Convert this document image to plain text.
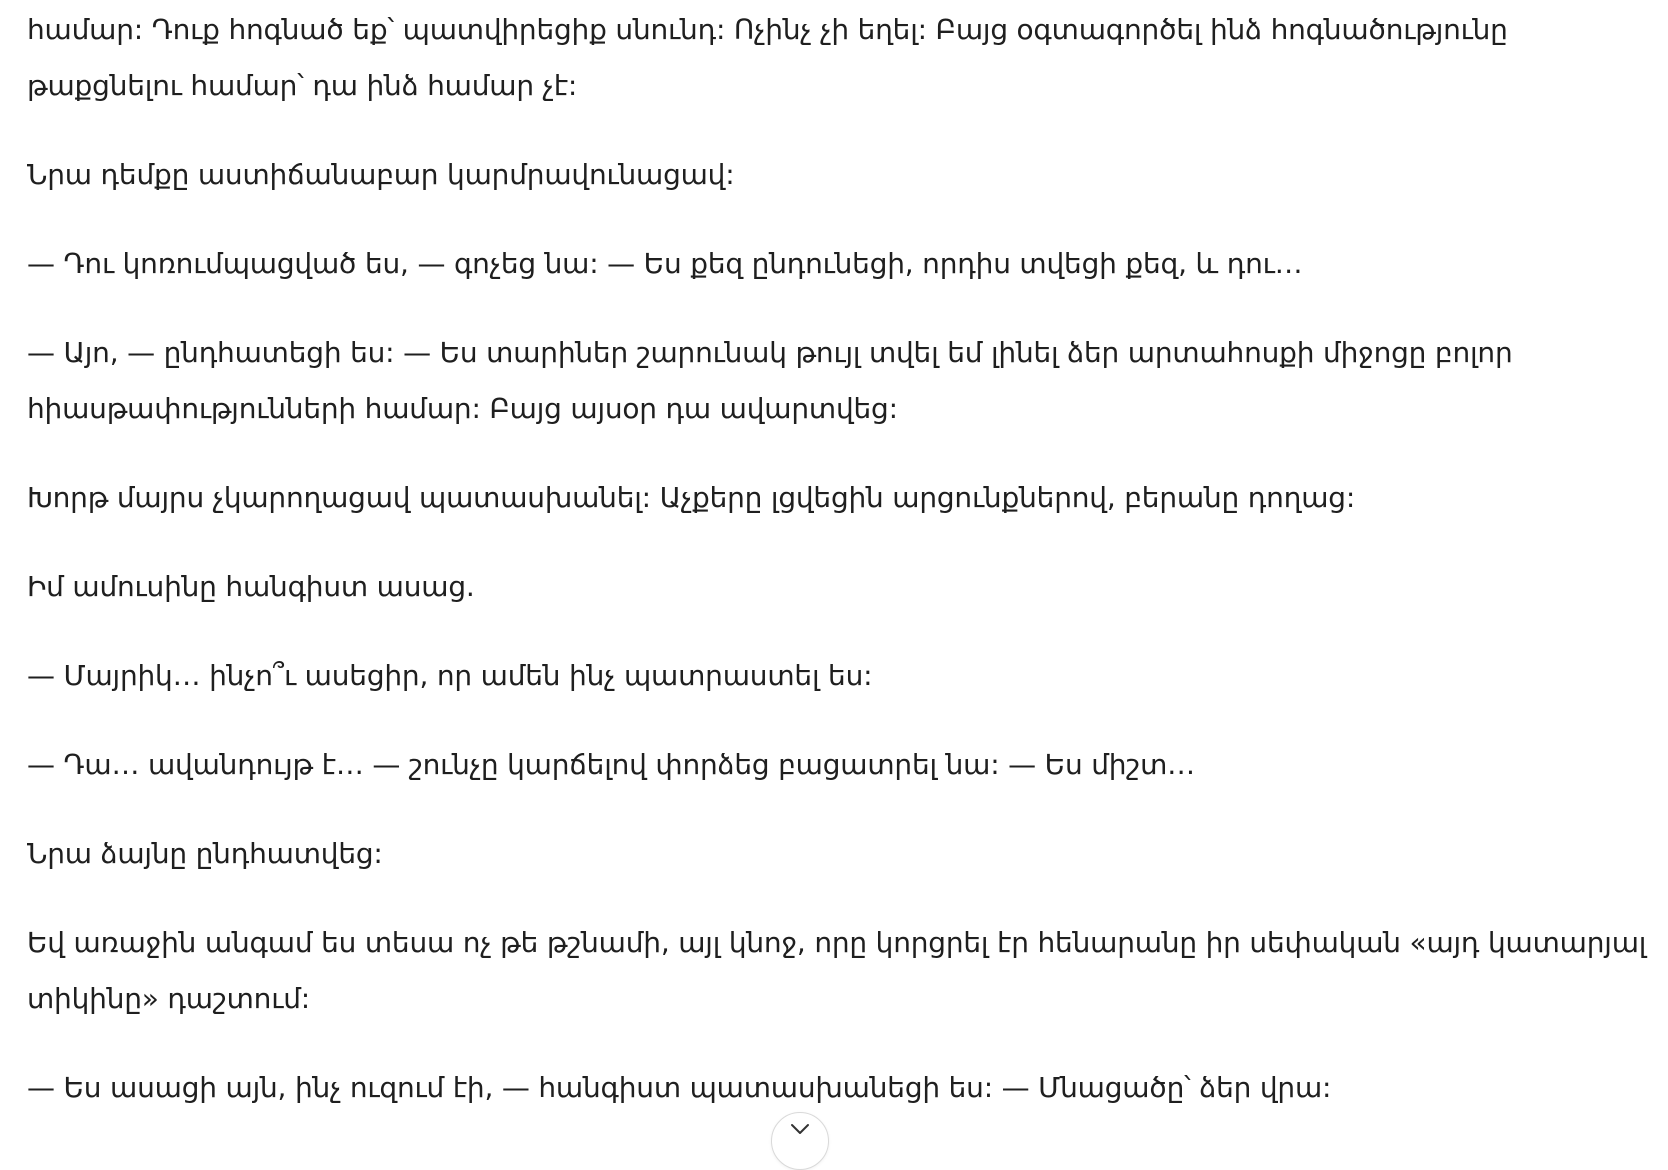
համար: Դուք հոգնած եք՝ պատվիրեցիք սնունդ: Ոչինչ չի եղել: Բայց օգտագործել ինձ հոգնածությունը թաքցնելու համար՝ դա ինձ համար չէ:

Նրա դեմքը աստիճանաբար կարմրավունացավ:

— Դու կոռումպացված ես, — գոչեց նա: — Ես քեզ ընդունեցի, որդիս տվեցի քեզ, և դու…

— Այո, — ընդհատեցի ես: — Ես տարիներ շարունակ թույլ տվել եմ լինել ձեր արտահոսքի միջոցը բոլոր հիասթափությունների համար: Բայց այսօր դա ավարտվեց:

Խորթ մայրս չկարողացավ պատասխանել: Աչքերը լցվեցին արցունքներով, բերանը դողաց:

Իմ ամուսինը հանգիստ ասաց.

— Մայրիկ… ինչո՞ւ ասեցիր, որ ամեն ինչ պատրաստել ես:

— Դա… ավանդույթ է… — շունչը կարճելով փորձեց բացատրել նա: — Ես միշտ…

Նրա ձայնը ընդհատվեց:

Եվ առաջին անգամ ես տեսա ոչ թե թշնամի, այլ կնոջ, որը կորցրել էր հենարանը իր սեփական «այդ կատարյալ տիկինը» դաշտում:

— Ես ասացի այն, ինչ ուզում էի, — հանգիստ պատասխանեցի ես: — Մնացածը՝ ձեր վրա:
